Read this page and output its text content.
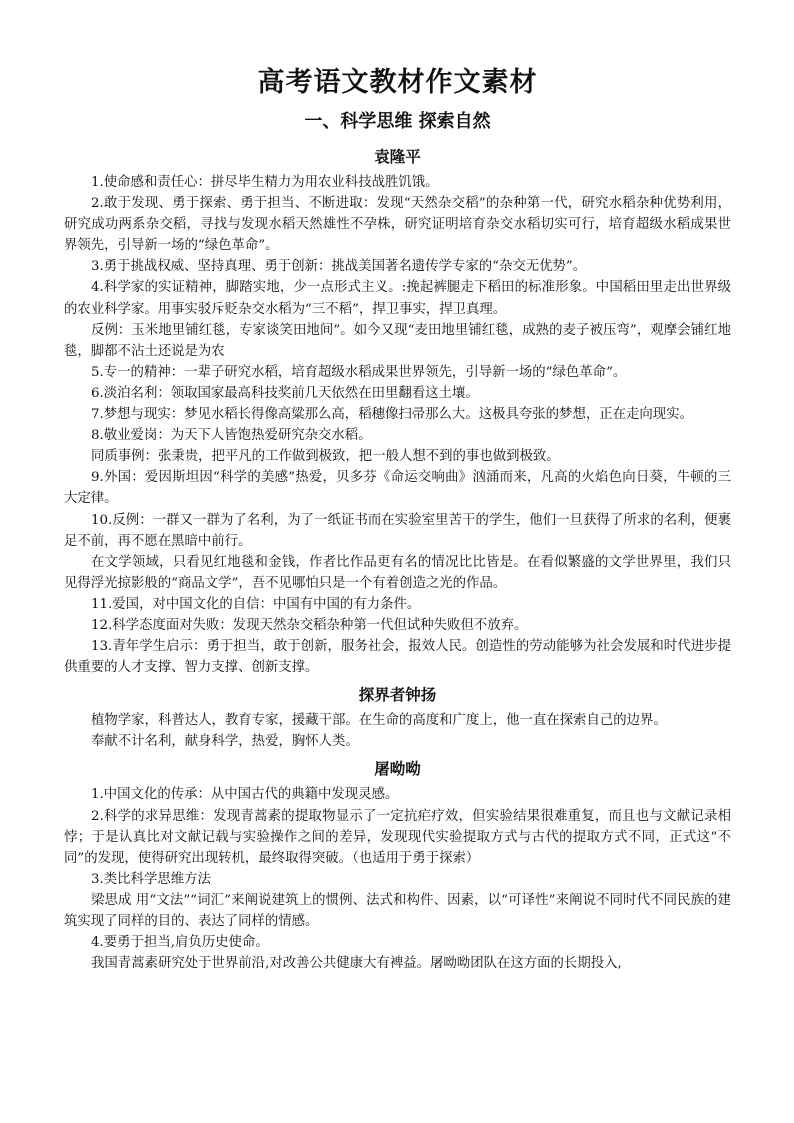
高考语文教材作文素材
一、科学思维 探索自然
袁隆平

1.使命感和责任心：拼尽毕生精力为用农业科技战胜饥饿。

2.敢于发现、勇于探索、勇于担当、不断进取：发现“天然杂交稻”的杂种第一代，研究水稻杂种优势利用，研究成功两系杂交稻，寻找与发现水稻天然雄性不孕株，研究证明培育杂交水稻切实可行，培育超级水稻成果世界领先，引导新一场的“绿色革命”。

3.勇于挑战权威、坚持真理、勇于创新：挑战美国著名遗传学专家的“杂交无优势”。

4.科学家的实证精神，脚踏实地，少一点形式主义。:挽起裤腿走下稻田的标准形象。中国稻田里走出世界级的农业科学家。用事实驳斥贬杂交水稻为“三不稻”，捍卫事实，捍卫真理。

反例：玉米地里铺红毯，专家谈笑田地间”。如今又现“麦田地里铺红毯，成熟的麦子被压弯”，观摩会铺红地毯，脚都不沾土还说是为农

5.专一的精神：一辈子研究水稻，培育超级水稻成果世界领先，引导新一场的“绿色革命”。

6.淡泊名利：领取国家最高科技奖前几天依然在田里翻看这土壤。

7.梦想与现实：梦见水稻长得像高粱那么高，稻穗像扫帚那么大。这极具夸张的梦想，正在走向现实。

8.敬业爱岗：为天下人皆饱热爱研究杂交水稻。

同质事例：张秉贵，把平凡的工作做到极致，把一般人想不到的事也做到极致。

9.外国：爱因斯坦因“科学的美感”热爱，贝多芬《命运交响曲》汹涌而来，凡高的火焰色向日葵，牛顿的三大定律。

10.反例：一群又一群为了名利，为了一纸证书而在实验室里苦干的学生，他们一旦获得了所求的名利，便裹足不前，再不愿在黑暗中前行。

在文学领域，只看见红地毯和金钱，作者比作品更有名的情况比比皆是。在看似繁盛的文学世界里，我们只见得浮光掠影般的“商品文学”，吾不见哪怕只是一个有着创造之光的作品。

11.爱国，对中国文化的自信：中国有中国的有力条件。

12.科学态度面对失败：发现天然杂交稻杂种第一代但试种失败但不放弃。

13.青年学生启示：勇于担当，敢于创新，服务社会，报效人民。创造性的劳动能够为社会发展和时代进步提供重要的人才支撑、智力支撑、创新支撑。

探界者钟扬

植物学家，科普达人，教育专家，援藏干部。在生命的高度和广度上，他一直在探索自己的边界。

奉献不计名利，献身科学，热爱，胸怀人类。

屠呦呦

1.中国文化的传承：从中国古代的典籍中发现灵感。

2.科学的求异思维：发现青蒿素的提取物显示了一定抗疟疗效，但实验结果很难重复，而且也与文献记录相悖；于是认真比对文献记载与实验操作之间的差异，发现现代实验提取方式与古代的提取方式不同，正式这“不同”的发现，使得研究出现转机，最终取得突破。（也适用于勇于探索）

3.类比科学思维方法

梁思成 用“文法”“词汇”来阐说建筑上的惯例、法式和构件、因素，以“可译性”来阐说不同时代不同民族的建筑实现了同样的目的、表达了同样的情感。

4.要勇于担当,肩负历史使命。

我国青蒿素研究处于世界前沿,对改善公共健康大有裨益。屠呦呦团队在这方面的长期投入,
